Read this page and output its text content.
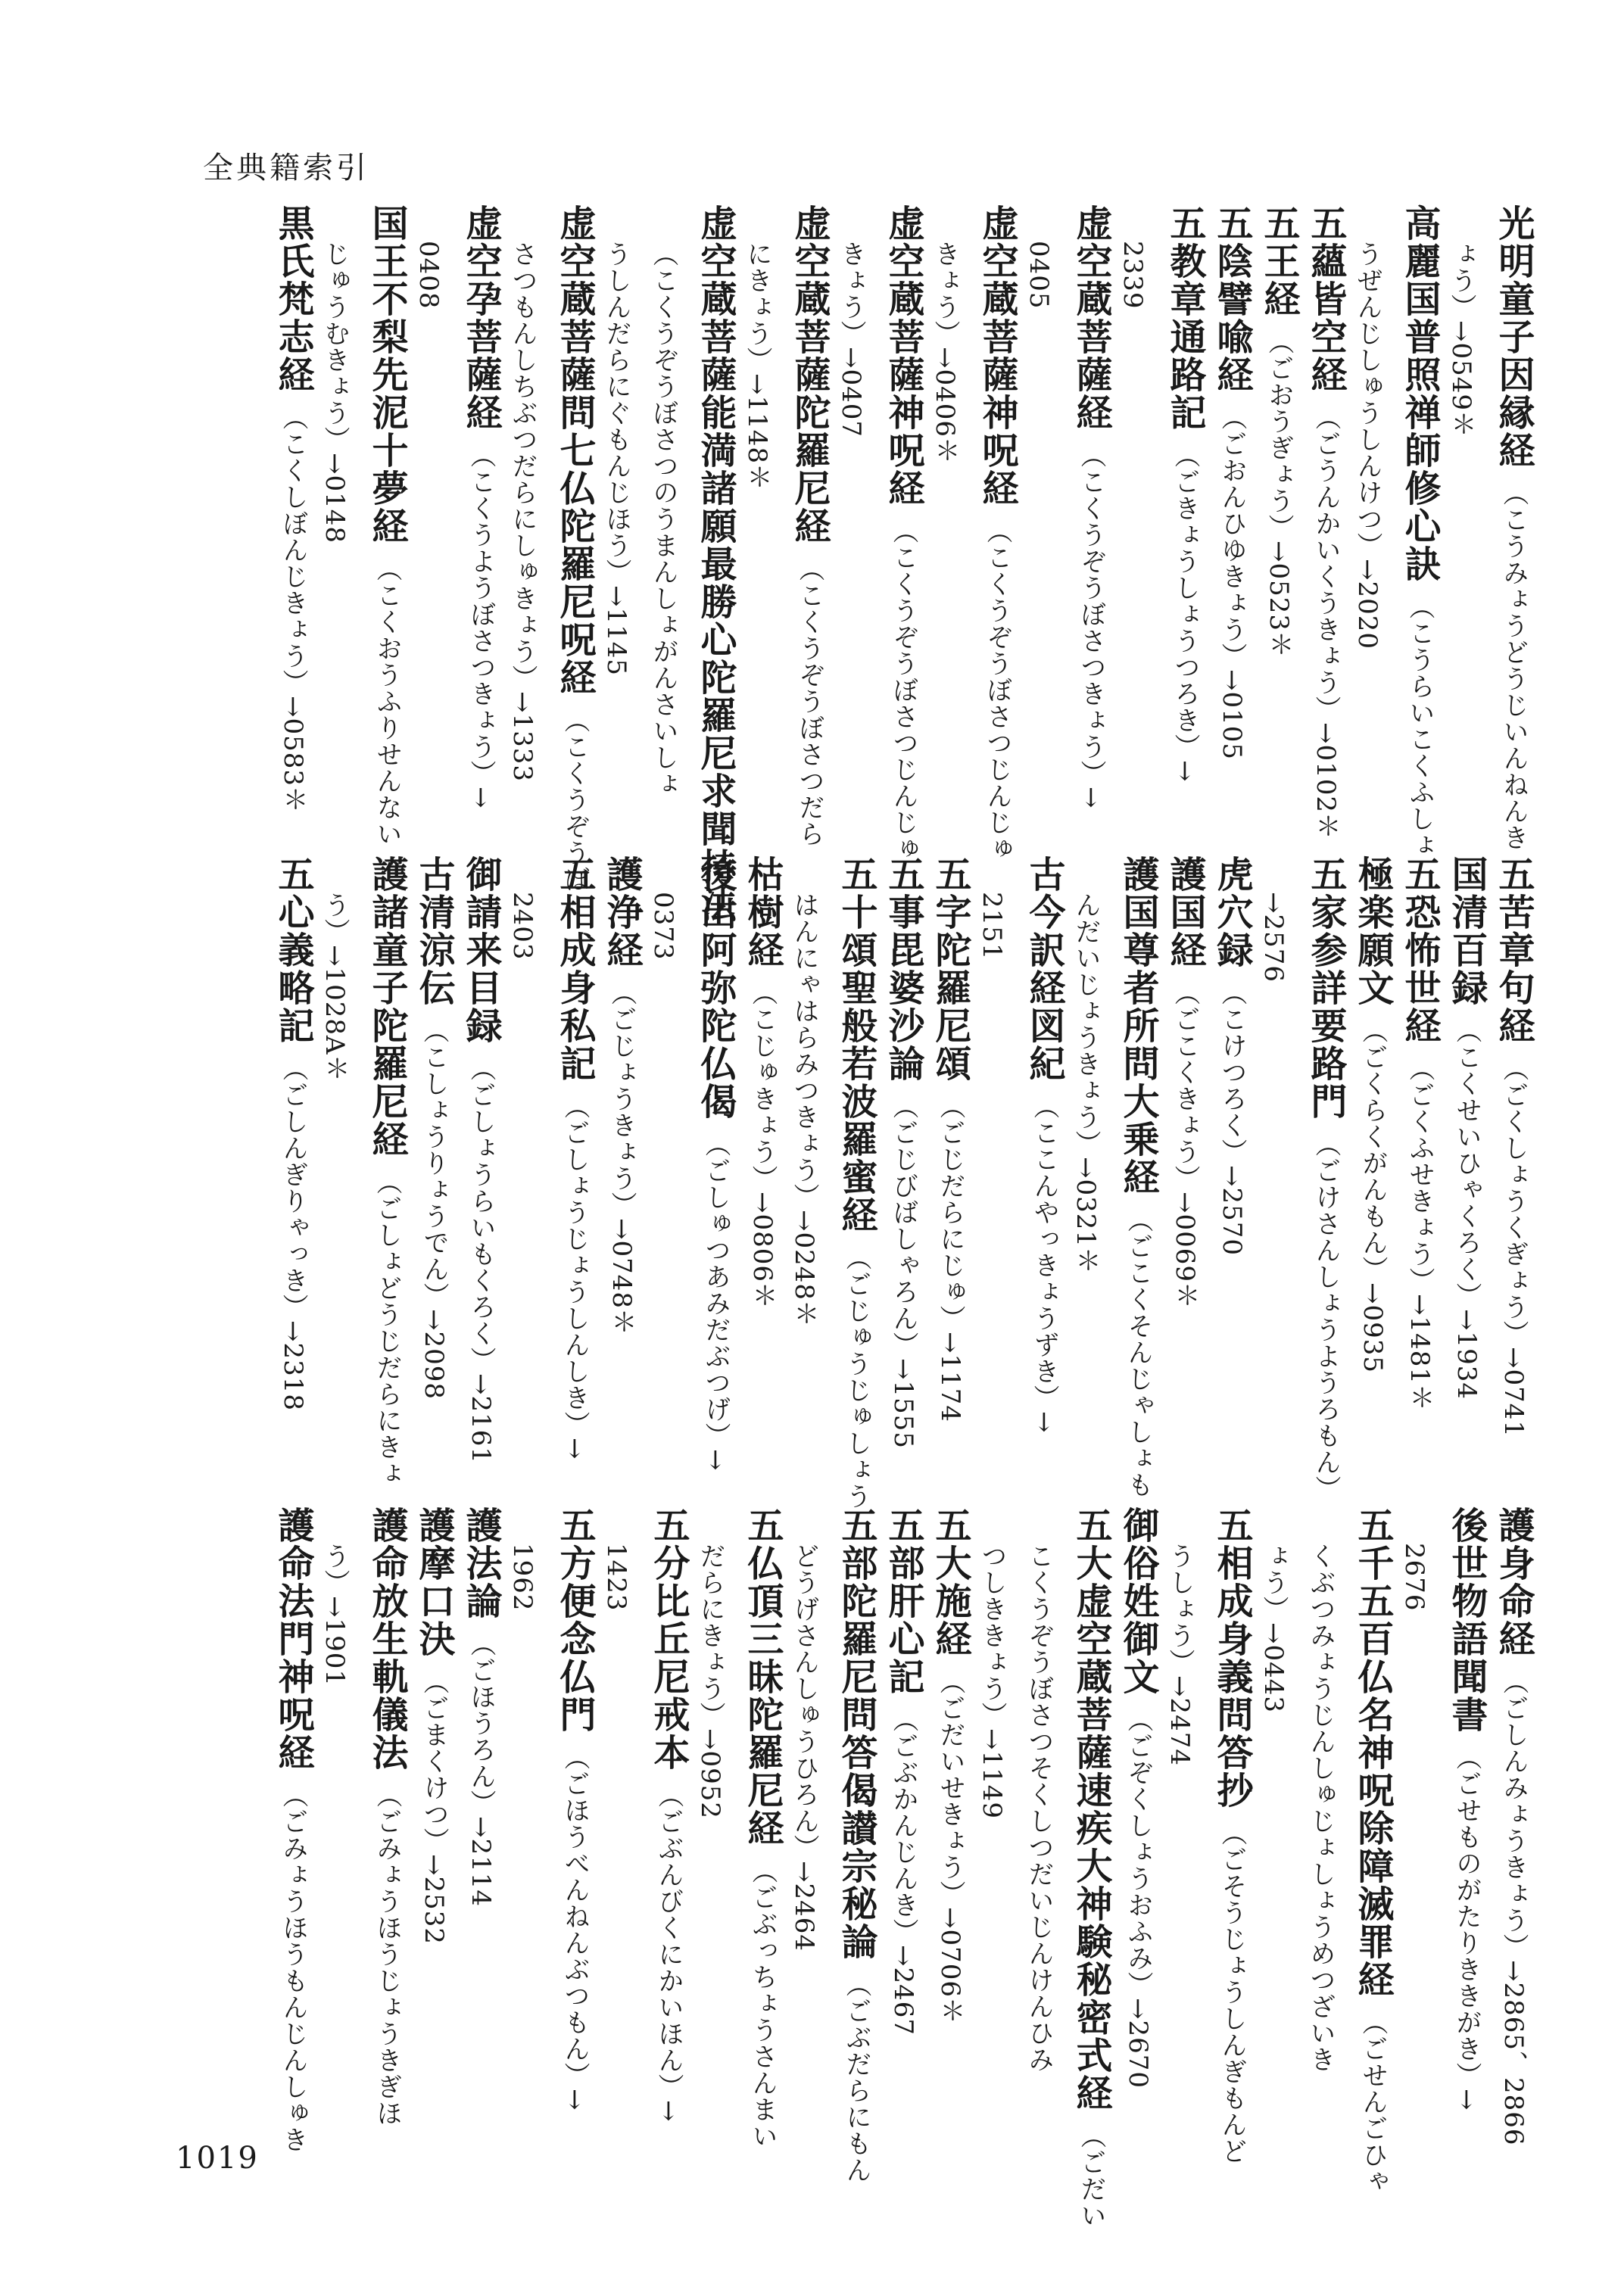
全典籍索引
光明童子因縁経（こうみょうどうじいんねんき
ょう）→0549＊
高麗国普照禅師修心訣（こうらいこくふしょ
うぜんじしゅうしんけつ）→2020
五蘊皆空経（ごうんかいくうきょう）→0102＊
五王経（ごおうぎょう）→0523＊
五陰譬喩経（ごおんひゆきょう）→0105
五教章通路記（ごきょうしょうつろき）→
2339
虚空蔵菩薩経（こくうぞうぼさつきょう）→
0405
虚空蔵菩薩神呪経（こくうぞうぼさつじんじゅ
きょう）→0406＊
虚空蔵菩薩神呪経（こくうぞうぼさつじんじゅ
きょう）→0407
虚空蔵菩薩陀羅尼経（こくうぞうぼさつだら
にきょう）→1148＊
虚空蔵菩薩能満諸願最勝心陀羅尼求聞持法
（こくうぞうぼさつのうまんしょがんさいしょ
うしんだらにぐもんじほう）→1145
虚空蔵菩薩問七仏陀羅尼呪経（こくうぞうぼ
さつもんしちぶつだらにしゅきょう）→1333
虚空孕菩薩経（こくうようぼさつきょう）→
0408
国王不梨先泥十夢経（こくおうふりせんない
じゅうむきょう）→0148
黒氏梵志経（こくしぼんじきょう）→0583＊
五苦章句経（ごくしょうくぎょう）→0741
国清百録（こくせいひゃくろく）→1934
五恐怖世経（ごくふせきょう）→1481＊
極楽願文（ごくらくがんもん）→0935
五家参詳要路門（ごけさんしょうようろもん）
→2576
虎穴録（こけつろく）→2570
護国経（ごこくきょう）→0069＊
護国尊者所問大乗経（ごこくそんじゃしょも
んだいじょうきょう）→0321＊
古今訳経図紀（ここんやっきょうずき）→
2151
五字陀羅尼頌（ごじだらにじゅ）→1174
五事毘婆沙論（ごじびばしゃろん）→1555
五十頌聖般若波羅蜜経（ごじゅうじゅしょう
はんにゃはらみつきょう）→0248＊
枯樹経（こじゅきょう）→0806＊
後出阿弥陀仏偈（ごしゅつあみだぶつげ）→
0373
護浄経（ごじょうきょう）→0748＊
五相成身私記（ごしょうじょうしんしき）→
2403
御請来目録（ごしょうらいもくろく）→2161
古清涼伝（こしょうりょうでん）→2098
護諸童子陀羅尼経（ごしょどうじだらにきょ
う）→1028A＊
五心義略記（ごしんぎりゃっき）→2318
護身命経（ごしんみょうきょう）→2865、2866
後世物語聞書（ごせものがたりききがき）→
2676
五千五百仏名神呪除障滅罪経（ごせんごひゃ
くぶつみょうじんしゅじょしょうめつざいき
ょう）→0443
五相成身義問答抄（ごそうじょうしんぎもんど
うしょう）→2474
御俗姓御文（ごぞくしょうおふみ）→2670
五大虚空蔵菩薩速疾大神験秘密式経（ごだい
こくうぞうぼさつそくしつだいじんけんひみ
つしききょう）→1149
五大施経（ごだいせきょう）→0706＊
五部肝心記（ごぶかんじんき）→2467
五部陀羅尼問答偈讃宗秘論（ごぶだらにもん
どうげさんしゅうひろん）→2464
五仏頂三昧陀羅尼経（ごぶっちょうさんまい
だらにきょう）→0952
五分比丘尼戒本（ごぶんびくにかいほん）→
1423
五方便念仏門（ごほうべんねんぶつもん）→
1962
護法論（ごほうろん）→2114
護摩口決（ごまくけつ）→2532
護命放生軌儀法（ごみょうほうじょうきぎほ
う）→1901
護命法門神呪経（ごみょうほうもんじんしゅき
1019
